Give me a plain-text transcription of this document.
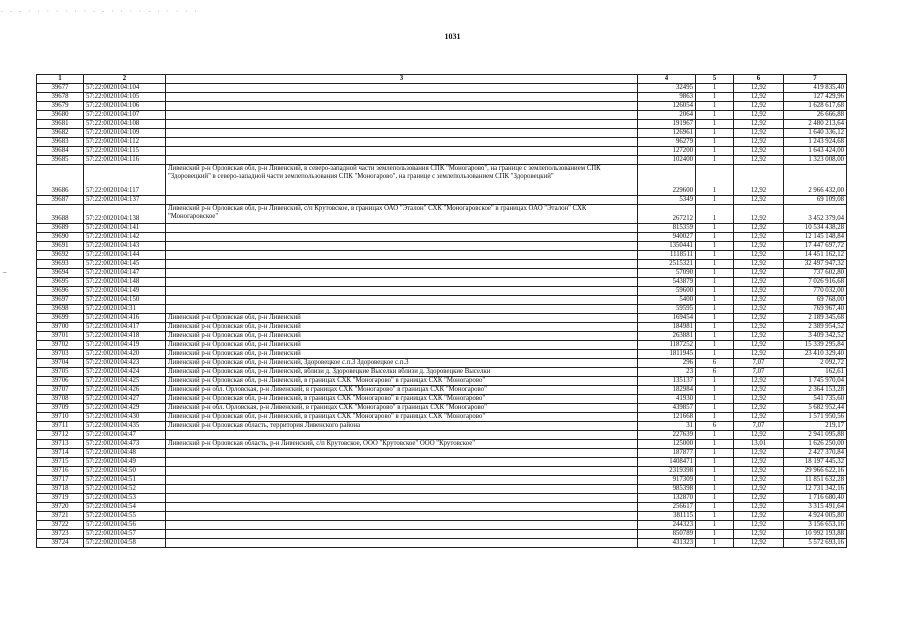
- - - · · · · · · · - - · · · · - · · · · ·
1031
–
1	2	3	4	5	6	7
39677	57:22:0020104:104		32495	1	12,92	419 835,40
39678	57:22:0020104:105		9863	1	12,92	127 429,96
39679	57:22:0020104:106		126054	1	12,92	1 628 617,68
39680	57:22:0020104:107		2064	1	12,92	26 666,88
39681	57:22:0020104:108		191967	1	12,92	2 480 213,64
39682	57:22:0020104:109		126961	1	12,92	1 640 336,12
39683	57:22:0020104:112		96279	1	12,92	1 243 924,68
39684	57:22:0020104:115		127200	1	12,92	1 643 424,00
39685	57:22:0020104:116		102400	1	12,92	1 323 008,00
39686	57:22:0020104:117	Ливенский р-н Орловская обл, р-н Ливенский, в северо-западной части землепользования СПК "Моногарово", на границе с землепользованием СПК "Здоровецкий" в северо-западной части землепользования СПК "Моногарово", на границе с землепользованием СПК "Здоровецкий"	229600	1	12,92	2 966 432,00
39687	57:22:0020104:137		5349	1	12,92	69 109,08
39688	57:22:0020104:138	Ливенский р-н Орловская обл, р-н Ливенский, с/п Крутовское, в границах ОАО "Эталон" СХК "Моногаровское" в границах ОАО "Эталон" СХК "Моногаровское"	267212	1	12,92	3 452 379,04
39689	57:22:0020104:141		815359	1	12,92	10 534 438,28
39690	57:22:0020104:142		940027	1	12,92	12 145 148,84
39691	57:22:0020104:143		1350441	1	12,92	17 447 697,72
39692	57:22:0020104:144		1118511	1	12,92	14 451 162,12
39693	57:22:0020104:145		2515321	1	12,92	32 497 947,32
39694	57:22:0020104:147		57090	1	12,92	737 602,80
39695	57:22:0020104:148		543879	1	12,92	7 026 916,68
39696	57:22:0020104:149		59600	1	12,92	770 032,00
39697	57:22:0020104:150		5400	1	12,92	69 768,00
39698	57:22:0020104:31		59595	1	12,92	769 967,40
39699	57:22:0020104:416	Ливенский р-н Орловская обл, р-н Ливенский	169454	1	12,92	2 189 345,68
39700	57:22:0020104:417	Ливенский р-н Орловская обл, р-н Ливенский	184981	1	12,92	2 389 954,52
39701	57:22:0020104:418	Ливенский р-н Орловская обл, р-н Ливенский	263881	1	12,92	3 409 342,52
39702	57:22:0020104:419	Ливенский р-н Орловская обл, р-н Ливенский	1187252	1	12,92	15 339 295,84
39703	57:22:0020104:420	Ливенский р-н Орловская обл, р-н Ливенский	1811945	1	12,92	23 410 329,40
39704	57:22:0020104:423	Ливенский р-н Орловская обл, р-н Ливенский, Здоровецкое с.п.3 Здоровецкое с.п.3	296	6	7,07	2 092,72
39705	57:22:0020104:424	Ливенский р-н Орловская обл, р-н Ливенский, вблизи д. Здоровецкие Выселки вблизи д. Здоровецкие Выселки	23	6	7,07	162,61
39706	57:22:0020104:425	Ливенский р-н Орловская обл, р-н Ливенский, в границах СХК "Моногарово" в границах СХК "Моногарово"	135137	1	12,92	1 745 970,04
39707	57:22:0020104:426	Ливенский р-н обл. Орловская, р-н Ливенский, в границах СХК "Моногарово" в границах СХК "Моногарово"	182984	1	12,92	2 364 153,28
39708	57:22:0020104:427	Ливенский р-н Орловская обл, р-н Ливенский, в границах СХК "Моногарово" в границах СХК "Моногарово"	41930	1	12,92	541 735,60
39709	57:22:0020104:429	Ливенский р-н обл. Орловская, р-н Ливенский, в границах СХК "Моногарово" в границах СХК "Моногарово"	439857	1	12,92	5 682 952,44
39710	57:22:0020104:430	Ливенский р-н Орловская обл, р-н Ливенский, в границах СХК "Моногарово" в границах СХК "Моногарово"	121668	1	12,92	1 571 950,56
39711	57:22:0020104:435	Ливенский р-н Орловская область, территория Ливенского района	31	6	7,07	219,17
39712	57:22:0020104:47		227639	1	12,92	2 941 095,88
39713	57:22:0020104:473	Ливенский р-н Орловская область, р-н Ливенский, с/п Крутовское, ООО "Крутовское" ООО "Крутовское"	125000	1	13,01	1 626 250,00
39714	57:22:0020104:48		187877	1	12,92	2 427 370,84
39715	57:22:0020104:49		1408471	1	12,92	18 197 445,32
39716	57:22:0020104:50		2319398	1	12,92	29 966 622,16
39717	57:22:0020104:51		917309	1	12,92	11 851 632,28
39718	57:22:0020104:52		985398	1	12,92	12 731 342,16
39719	57:22:0020104:53		132870	1	12,92	1 716 680,40
39720	57:22:0020104:54		256617	1	12,92	3 315 491,64
39721	57:22:0020104:55		381115	1	12,92	4 924 005,80
39722	57:22:0020104:56		244323	1	12,92	3 156 653,16
39723	57:22:0020104:57		850789	1	12,92	10 992 193,88
39724	57:22:0020104:58		431323	1	12,92	5 572 693,16
